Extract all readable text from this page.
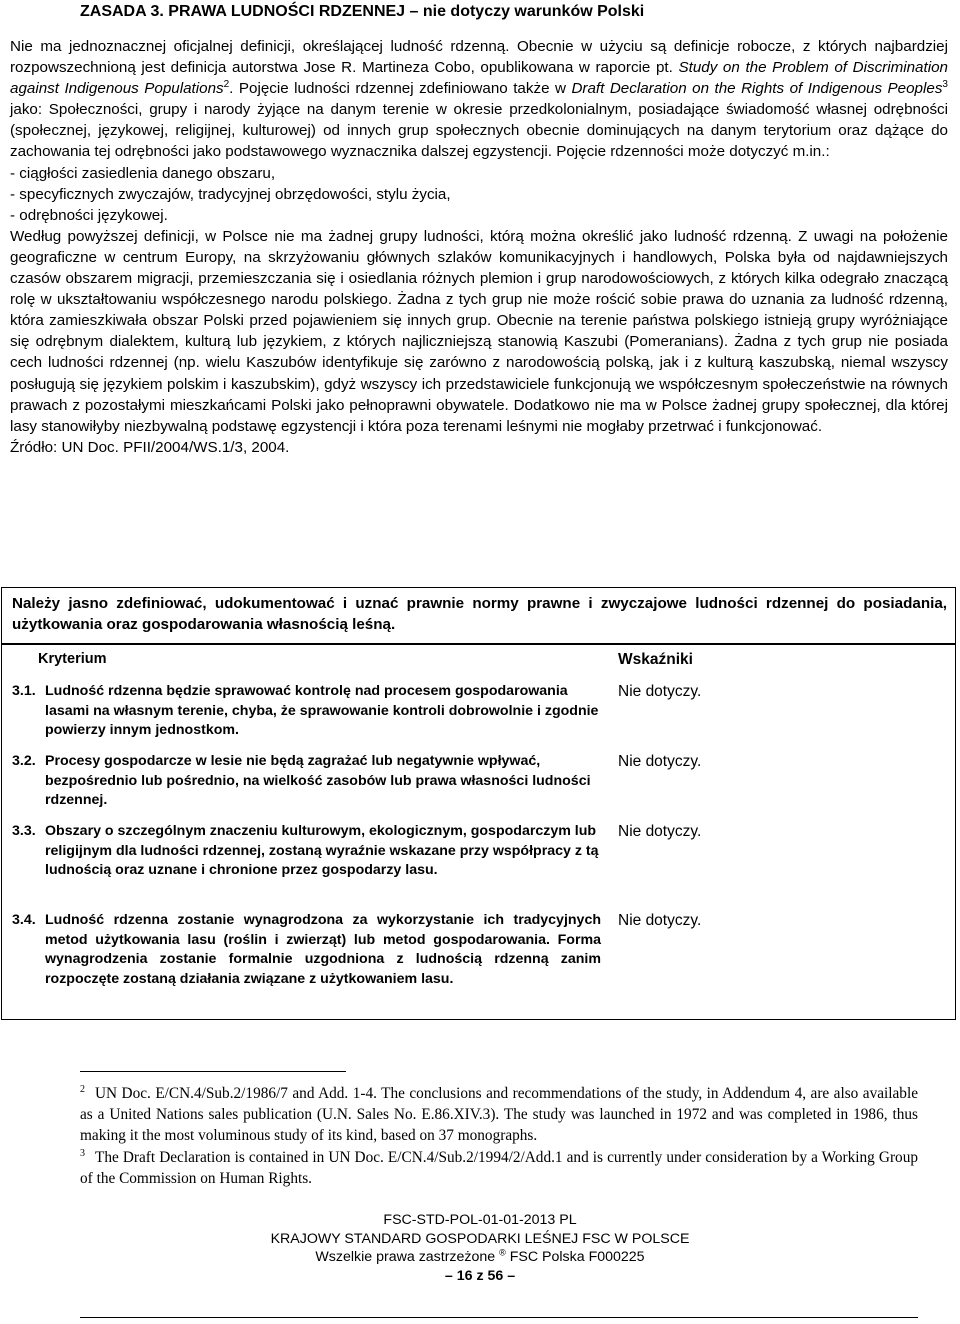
ZASADA 3. PRAWA LUDNOŚCI RDZENNEJ – nie dotyczy warunków Polski

Nie ma jednoznacznej oficjalnej definicji, określającej ludność rdzenną. Obecnie w użyciu są definicje robocze, z których najbardziej rozpowszechnioną jest definicja autorstwa Jose R. Martineza Cobo, opublikowana w raporcie pt. Study on the Problem of Discrimination against Indigenous Populations$^2$. Pojęcie ludności rdzennej zdefiniowano także w Draft Declaration on the Rights of Indigenous Peoples$^3$ jako: Społeczności, grupy i narody żyjące na danym terenie w okresie przedkolonialnym, posiadające świadomość własnej odrębności (społecznej, językowej, religijnej, kulturowej) od innych grup społecznych obecnie dominujących na danym terytorium oraz dążące do zachowania tej odrębności jako podstawowego wyznacznika dalszej egzystencji. Pojęcie rdzenności może dotyczyć m.in.:

- ciągłości zasiedlenia danego obszaru,
- specyficznych zwyczajów, tradycyjnej obrzędowości, stylu życia,
- odrębności językowej.

Według powyższej definicji, w Polsce nie ma żadnej grupy ludności, którą można określić jako ludność rdzenną. Z uwagi na położenie geograficzne w centrum Europy, na skrzyżowaniu głównych szlaków komunikacyjnych i handlowych, Polska była od najdawniejszych czasów obszarem migracji, przemieszczania się i osiedlania różnych plemion i grup narodowościowych, z których kilka odegrało znaczącą rolę w ukształtowaniu współczesnego narodu polskiego. Żadna z tych grup nie może rościć sobie prawa do uznania za ludność rdzenną, która zamieszkiwała obszar Polski przed pojawieniem się innych grup. Obecnie na terenie państwa polskiego istnieją grupy wyróżniające się odrębnym dialektem, kulturą lub językiem, z których najliczniejszą stanowią Kaszubi (Pomeranians). Żadna z tych grup nie posiada cech ludności rdzennej (np. wielu Kaszubów identyfikuje się zarówno z narodowością polską, jak i z kulturą kaszubską, niemal wszyscy posługują się językiem polskim i kaszubskim), gdyż wszyscy ich przedstawiciele funkcjonują we współczesnym społeczeństwie na równych prawach z pozostałymi mieszkańcami Polski jako pełnoprawni obywatele. Dodatkowo nie ma w Polsce żadnej grupy społecznej, dla której lasy stanowiłyby niezbywalną podstawę egzystencji i która poza terenami leśnymi nie mogłaby przetrwać i funkcjonować.

Źródło: UN Doc. PFII/2004/WS.1/3, 2004.

Należy jasno zdefiniować, udokumentować i uznać prawnie normy prawne i zwyczajowe ludności rdzennej do posiadania, użytkowania oraz gospodarowania własnością leśną.
Kryterium	Wskaźniki
3.1. Ludność rdzenna będzie sprawować kontrolę nad procesem gospodarowania lasami na własnym terenie, chyba, że sprawowanie kontroli dobrowolnie i zgodnie powierzy innym jednostkom.
Nie dotyczy.
3.2. Procesy gospodarcze w lesie nie będą zagrażać lub negatywnie wpływać, bezpośrednio lub pośrednio, na wielkość zasobów lub prawa własności ludności rdzennej.
Nie dotyczy.
3.3. Obszary o szczególnym znaczeniu kulturowym, ekologicznym, gospodarczym lub religijnym dla ludności rdzennej, zostaną wyraźnie wskazane przy współpracy z tą ludnością oraz uznane i chronione przez gospodarzy lasu.
Nie dotyczy.
3.4. Ludność rdzenna zostanie wynagrodzona za wykorzystanie ich tradycyjnych metod użytkowania lasu (roślin i zwierząt) lub metod gospodarowania. Forma wynagrodzenia zostanie formalnie uzgodniona z ludnością rdzenną zanim rozpoczęte zostaną działania związane z użytkowaniem lasu.
Nie dotyczy.

$^2$ UN Doc. E/CN.4/Sub.2/1986/7 and Add. 1-4. The conclusions and recommendations of the study, in Addendum 4, are also available as a United Nations sales publication (U.N. Sales No. E.86.XIV.3). The study was launched in 1972 and was completed in 1986, thus making it the most voluminous study of its kind, based on 37 monographs.

$^3$ The Draft Declaration is contained in UN Doc. E/CN.4/Sub.2/1994/2/Add.1 and is currently under consideration by a Working Group of the Commission on Human Rights.

FSC-STD-POL-01-01-2013 PL
KRAJOWY STANDARD GOSPODARKI LEŚNEJ FSC W POLSCE
Wszelkie prawa zastrzeżone ® FSC Polska F000225
– 16 z 56 –
